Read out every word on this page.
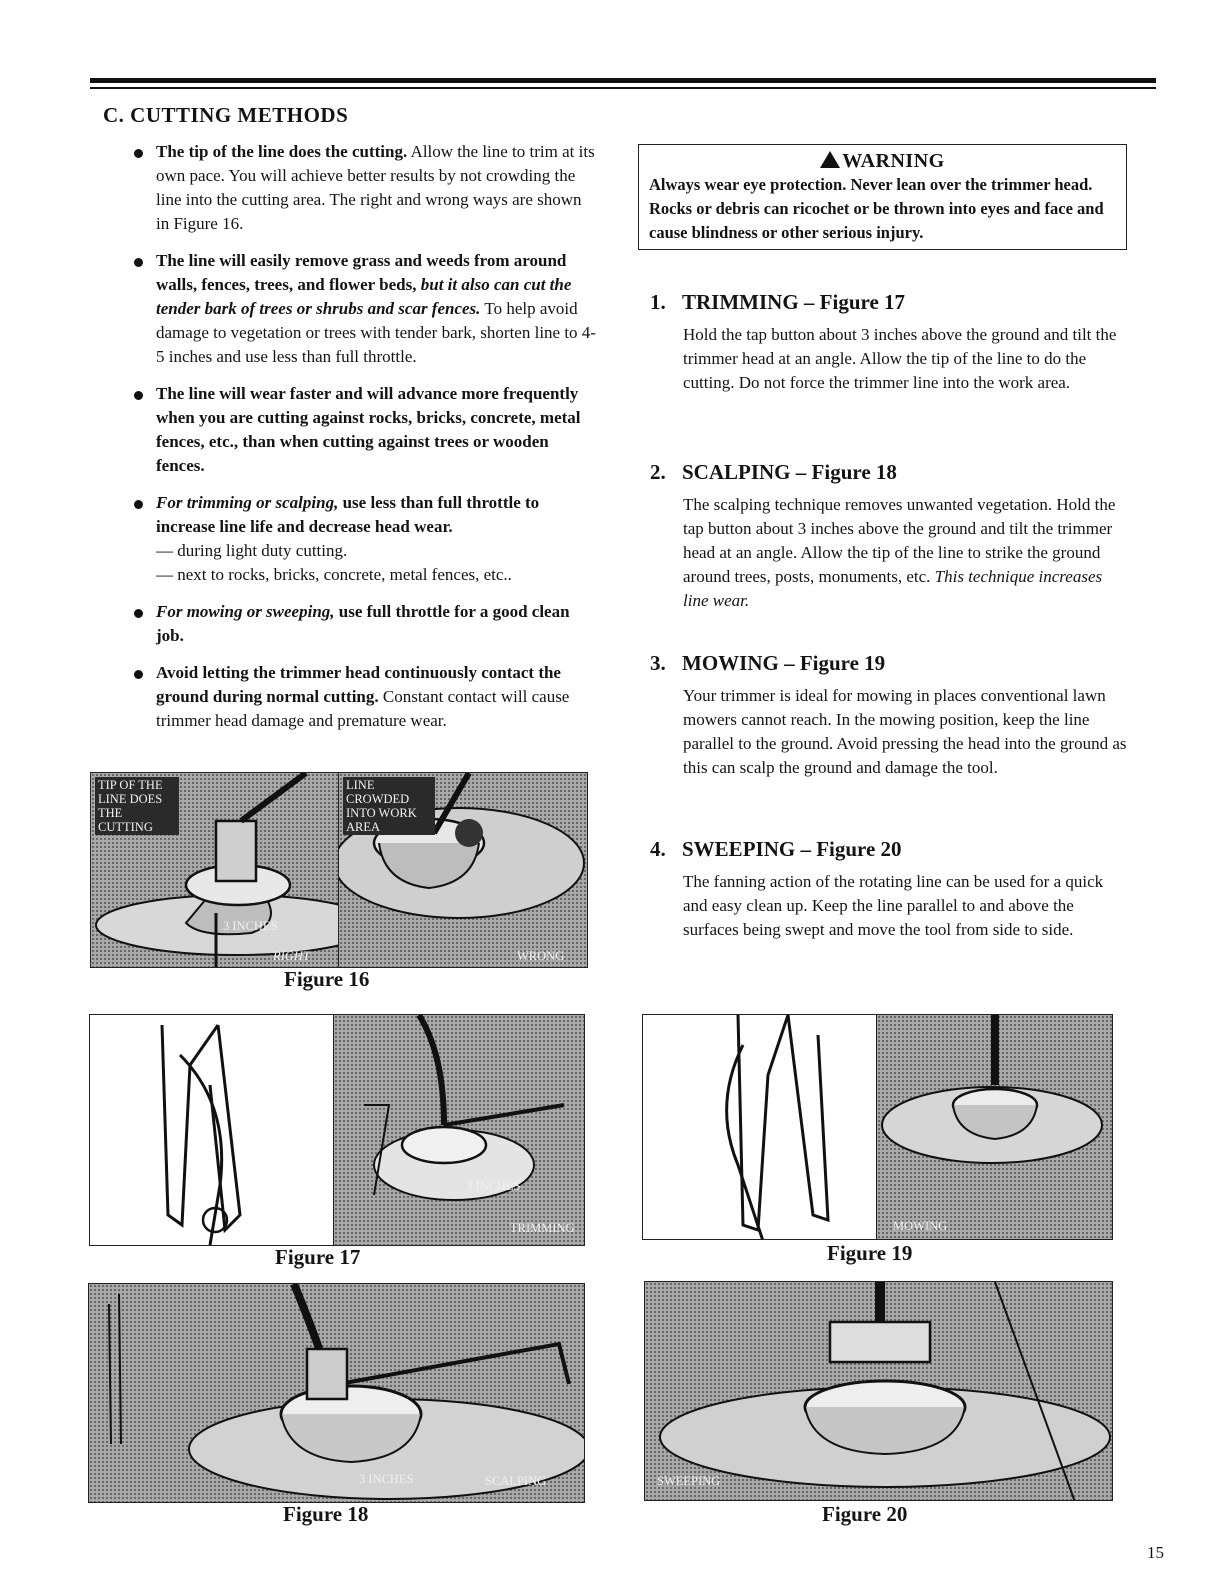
C. CUTTING METHODS
The tip of the line does the cutting. Allow the line to trim at its own pace. You will achieve better results by not crowding the line into the cutting area. The right and wrong ways are shown in Figure 16.
The line will easily remove grass and weeds from around walls, fences, trees, and flower beds, but it also can cut the tender bark of trees or shrubs and scar fences. To help avoid damage to vegetation or trees with tender bark, shorten line to 4-5 inches and use less than full throttle.
The line will wear faster and will advance more frequently when you are cutting against rocks, bricks, concrete, metal fences, etc., than when cutting against trees or wooden fences.
For trimming or scalping, use less than full throttle to increase line life and decrease head wear.
— during light duty cutting.
— next to rocks, bricks, concrete, metal fences, etc..
For mowing or sweeping, use full throttle for a good clean job.
Avoid letting the trimmer head continuously contact the ground during normal cutting. Constant contact will cause trimmer head damage and premature wear.
WARNING
Always wear eye protection. Never lean over the trimmer head. Rocks or debris can ricochet or be thrown into eyes and face and cause blindness or other serious injury.
1. TRIMMING – Figure 17

Hold the tap button about 3 inches above the ground and tilt the trimmer head at an angle. Allow the tip of the line to do the cutting. Do not force the trimmer line into the work area.

2. SCALPING – Figure 18

The scalping technique removes unwanted vegetation. Hold the tap button about 3 inches above the ground and tilt the trimmer head at an angle. Allow the tip of the line to strike the ground around trees, posts, monuments, etc. This technique increases line wear.

3. MOWING – Figure 19

Your trimmer is ideal for mowing in places conventional lawn mowers cannot reach. In the mowing position, keep the line parallel to the ground. Avoid pressing the head into the ground as this can scalp the ground and damage the tool.

4. SWEEPING – Figure 20

The fanning action of the rotating line can be used for a quick and easy clean up. Keep the line parallel to and above the surfaces being swept and move the tool from side to side.

TIP OF THE LINE DOES THE CUTTING
3 INCHES
RIGHT
LINE CROWDED INTO WORK AREA
WRONG
Figure 16
3 INCHES
TRIMMING
Figure 17
3 INCHES	SCALPING
Figure 18
MOWING
Figure 19
SWEEPING
Figure 20
15
